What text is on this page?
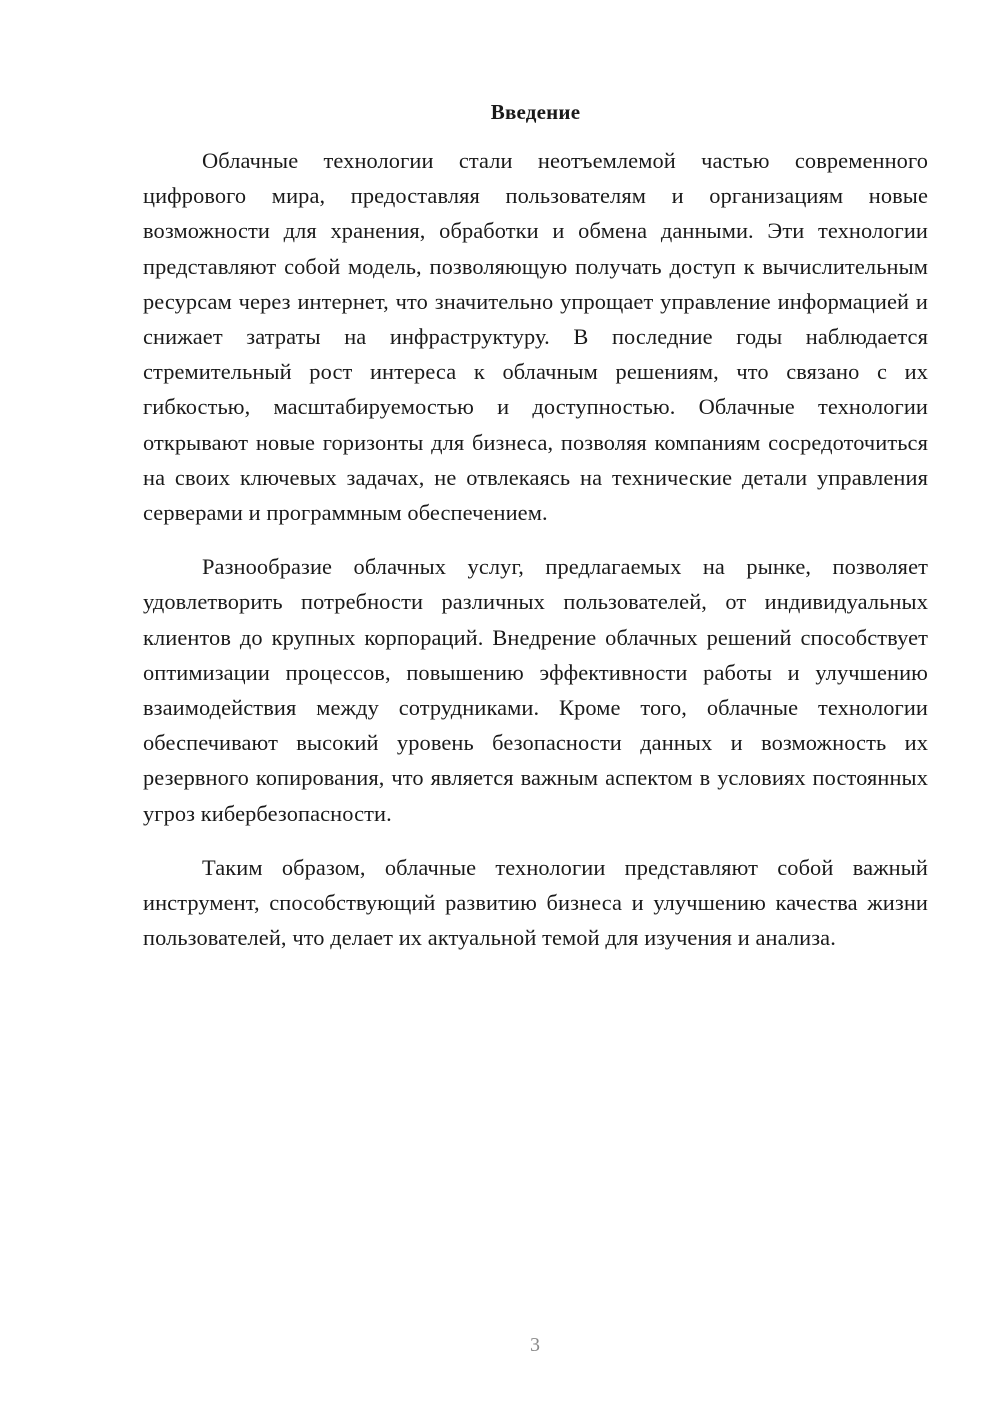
Введение

Облачные технологии стали неотъемлемой частью современного цифрового мира, предоставляя пользователям и организациям новые возможности для хранения, обработки и обмена данными. Эти технологии представляют собой модель, позволяющую получать доступ к вычислительным ресурсам через интернет, что значительно упрощает управление информацией и снижает затраты на инфраструктуру. В последние годы наблюдается стремительный рост интереса к облачным решениям, что связано с их гибкостью, масштабируемостью и доступностью. Облачные технологии открывают новые горизонты для бизнеса, позволяя компаниям сосредоточиться на своих ключевых задачах, не отвлекаясь на технические детали управления серверами и программным обеспечением.

Разнообразие облачных услуг, предлагаемых на рынке, позволяет удовлетворить потребности различных пользователей, от индивидуальных клиентов до крупных корпораций. Внедрение облачных решений способствует оптимизации процессов, повышению эффективности работы и улучшению взаимодействия между сотрудниками. Кроме того, облачные технологии обеспечивают высокий уровень безопасности данных и возможность их резервного копирования, что является важным аспектом в условиях постоянных угроз кибербезопасности.

Таким образом, облачные технологии представляют собой важный инструмент, способствующий развитию бизнеса и улучшению качества жизни пользователей, что делает их актуальной темой для изучения и анализа.

3
